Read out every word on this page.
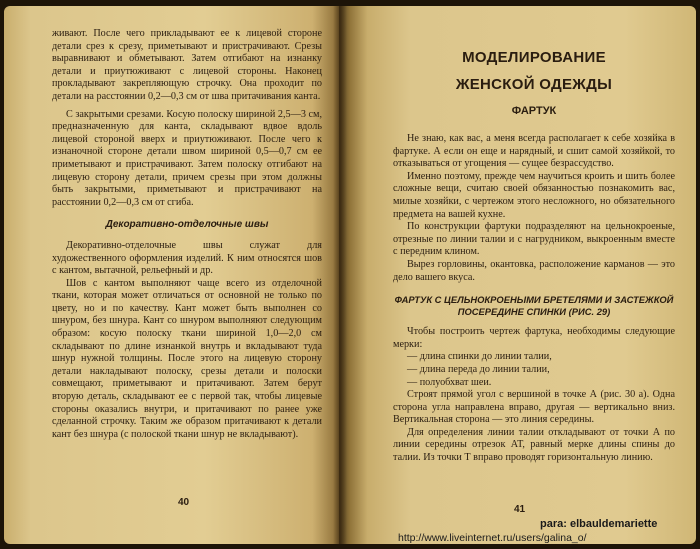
живают. После чего прикладывают ее к лицевой стороне детали срез к срезу, приметывают и пристрачивают. Срезы выравнивают и обметывают. Затем отгибают на изнанку детали и приутюживают с лицевой стороны. Наконец прокладывают закрепляющую строчку. Она проходит по детали на расстоянии 0,2—0,3 см от шва притачивания канта.

С закрытыми срезами. Косую полоску шириной 2,5—3 см, предназначенную для канта, складывают вдвое вдоль лицевой стороной вверх и приутюживают. После чего к изнаночной стороне детали швом шириной 0,5—0,7 см ее приметывают и пристрачивают. Затем полоску отгибают на лицевую сторону детали, причем срезы при этом должны быть закрытыми, приметывают и пристрачивают на расстоянии 0,2—0,3 см от сгиба.

Декоративно-отделочные швы

Декоративно-отделочные швы служат для художественного оформления изделий. К ним относятся шов с кантом, вытачной, рельефный и др.

Шов с кантом выполняют чаще всего из отделочной ткани, которая может отличаться от основной не только по цвету, но и по качеству. Кант может быть выполнен со шнуром, без шнура. Кант со шнуром выполняют следующим образом: косую полоску ткани шириной 1,0—2,0 см складывают по длине изнанкой внутрь и вкладывают туда шнур нужной толщины. После этого на лицевую сторону детали накладывают полоску, срезы детали и полоски совмещают, приметывают и притачивают. Затем берут вторую деталь, складывают ее с первой так, чтобы лицевые стороны оказались внутри, и притачивают по ранее уже сделанной строчку. Таким же образом притачивают к детали кант без шнура (с полоской ткани шнур не вкладывают).

40
МОДЕЛИРОВАНИЕ
ЖЕНСКОЙ ОДЕЖДЫ
ФАРТУК

Не знаю, как вас, а меня всегда располагает к себе хозяйка в фартуке. А если он еще и нарядный, и сшит самой хозяйкой, то отказываться от угощения — сущее безрассудство.

Именно поэтому, прежде чем научиться кроить и шить более сложные вещи, считаю своей обязанностью познакомить вас, милые хозяйки, с чертежом этого несложного, но обязательного предмета на вашей кухне.

По конструкции фартуки подразделяют на цельнокроеные, отрезные по линии талии и с нагрудником, выкроенным вместе с передним клином.

Вырез горловины, окантовка, расположение карманов — это дело вашего вкуса.

ФАРТУК С ЦЕЛЬНОКРОЕНЫМИ БРЕТЕЛЯМИ И ЗАСТЕЖКОЙ ПОСЕРЕДИНЕ СПИНКИ (РИС. 29)

Чтобы построить чертеж фартука, необходимы следующие мерки:

— длина спинки до линии талии,

— длина переда до линии талии,

— полуобхват шеи.

Строят прямой угол с вершиной в точке А (рис. 30 а). Одна сторона угла направлена вправо, другая — вертикально вниз. Вертикальная сторона — это линия середины.

Для определения линии талии откладывают от точки А по линии середины отрезок АТ, равный мерке длины спины до талии. Из точки Т вправо проводят горизонтальную линию.

41
para: elbauldemariette
http://www.liveinternet.ru/users/galina_o/
